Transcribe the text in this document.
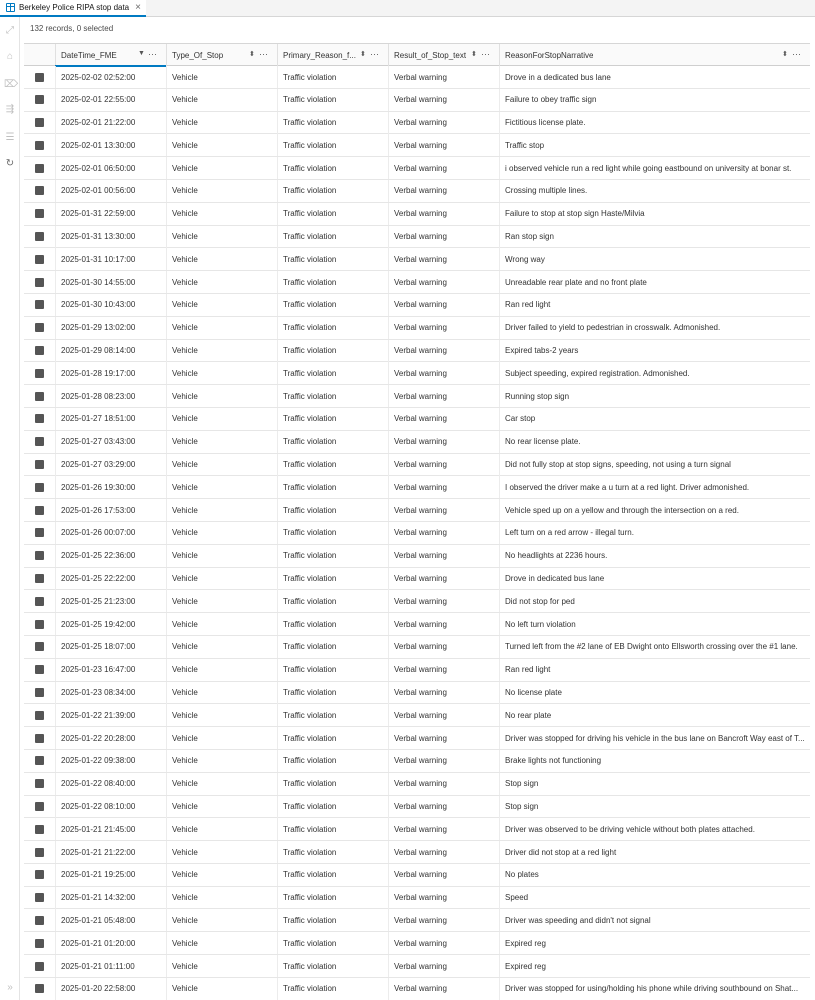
Berkeley Police RIPA stop data ×
⤢
⌂
⌦
⇶
☰
↻
»
132 records, 0 selected
DateTime_FME	▼ ··· Type_Of_Stop	⬍ ··· Primary_Reason_f... ⬍ ··· Result_of_Stop_text ⬍ ··· ReasonForStopNarrative	⬍ ···
2025-02-02 02:52:00	Vehicle	Traffic violation	Verbal warning	Drove in a dedicated bus lane
2025-02-01 22:55:00	Vehicle	Traffic violation	Verbal warning	Failure to obey traffic sign
2025-02-01 21:22:00	Vehicle	Traffic violation	Verbal warning	Fictitious license plate.
2025-02-01 13:30:00	Vehicle	Traffic violation	Verbal warning	Traffic stop
2025-02-01 06:50:00	Vehicle	Traffic violation	Verbal warning	i observed vehicle run a red light while going eastbound on university at bonar st.
2025-02-01 00:56:00	Vehicle	Traffic violation	Verbal warning	Crossing multiple lines.
2025-01-31 22:59:00	Vehicle	Traffic violation	Verbal warning	Failure to stop at stop sign Haste/Milvia
2025-01-31 13:30:00	Vehicle	Traffic violation	Verbal warning	Ran stop sign
2025-01-31 10:17:00	Vehicle	Traffic violation	Verbal warning	Wrong way
2025-01-30 14:55:00	Vehicle	Traffic violation	Verbal warning	Unreadable rear plate and no front plate
2025-01-30 10:43:00	Vehicle	Traffic violation	Verbal warning	Ran red light
2025-01-29 13:02:00	Vehicle	Traffic violation	Verbal warning	Driver failed to yield to pedestrian in crosswalk. Admonished.
2025-01-29 08:14:00	Vehicle	Traffic violation	Verbal warning	Expired tabs-2 years
2025-01-28 19:17:00	Vehicle	Traffic violation	Verbal warning	Subject speeding, expired registration. Admonished.
2025-01-28 08:23:00	Vehicle	Traffic violation	Verbal warning	Running stop sign
2025-01-27 18:51:00	Vehicle	Traffic violation	Verbal warning	Car stop
2025-01-27 03:43:00	Vehicle	Traffic violation	Verbal warning	No rear license plate.
2025-01-27 03:29:00	Vehicle	Traffic violation	Verbal warning	Did not fully stop at stop signs, speeding, not using a turn signal
2025-01-26 19:30:00	Vehicle	Traffic violation	Verbal warning	I observed the driver make a u turn at a red light. Driver admonished.
2025-01-26 17:53:00	Vehicle	Traffic violation	Verbal warning	Vehicle sped up on a yellow and through the intersection on a red.
2025-01-26 00:07:00	Vehicle	Traffic violation	Verbal warning	Left turn on a red arrow - illegal turn.
2025-01-25 22:36:00	Vehicle	Traffic violation	Verbal warning	No headlights at 2236 hours.
2025-01-25 22:22:00	Vehicle	Traffic violation	Verbal warning	Drove in dedicated bus lane
2025-01-25 21:23:00	Vehicle	Traffic violation	Verbal warning	Did not stop for ped
2025-01-25 19:42:00	Vehicle	Traffic violation	Verbal warning	No left turn violation
2025-01-25 18:07:00	Vehicle	Traffic violation	Verbal warning	Turned left from the #2 lane of EB Dwight onto Ellsworth crossing over the #1 lane.
2025-01-23 16:47:00	Vehicle	Traffic violation	Verbal warning	Ran red light
2025-01-23 08:34:00	Vehicle	Traffic violation	Verbal warning	No license plate
2025-01-22 21:39:00	Vehicle	Traffic violation	Verbal warning	No rear plate
2025-01-22 20:28:00	Vehicle	Traffic violation	Verbal warning	Driver was stopped for driving his vehicle in the bus lane on Bancroft Way east of T...
2025-01-22 09:38:00	Vehicle	Traffic violation	Verbal warning	Brake lights not functioning
2025-01-22 08:40:00	Vehicle	Traffic violation	Verbal warning	Stop sign
2025-01-22 08:10:00	Vehicle	Traffic violation	Verbal warning	Stop sign
2025-01-21 21:45:00	Vehicle	Traffic violation	Verbal warning	Driver was observed to be driving vehicle without both plates attached.
2025-01-21 21:22:00	Vehicle	Traffic violation	Verbal warning	Driver did not stop at a red light
2025-01-21 19:25:00	Vehicle	Traffic violation	Verbal warning	No plates
2025-01-21 14:32:00	Vehicle	Traffic violation	Verbal warning	Speed
2025-01-21 05:48:00	Vehicle	Traffic violation	Verbal warning	Driver was speeding and didn't not signal
2025-01-21 01:20:00	Vehicle	Traffic violation	Verbal warning	Expired reg
2025-01-21 01:11:00	Vehicle	Traffic violation	Verbal warning	Expired reg
2025-01-20 22:58:00	Vehicle	Traffic violation	Verbal warning	Driver was stopped for using/holding his phone while driving southbound on Shat...
